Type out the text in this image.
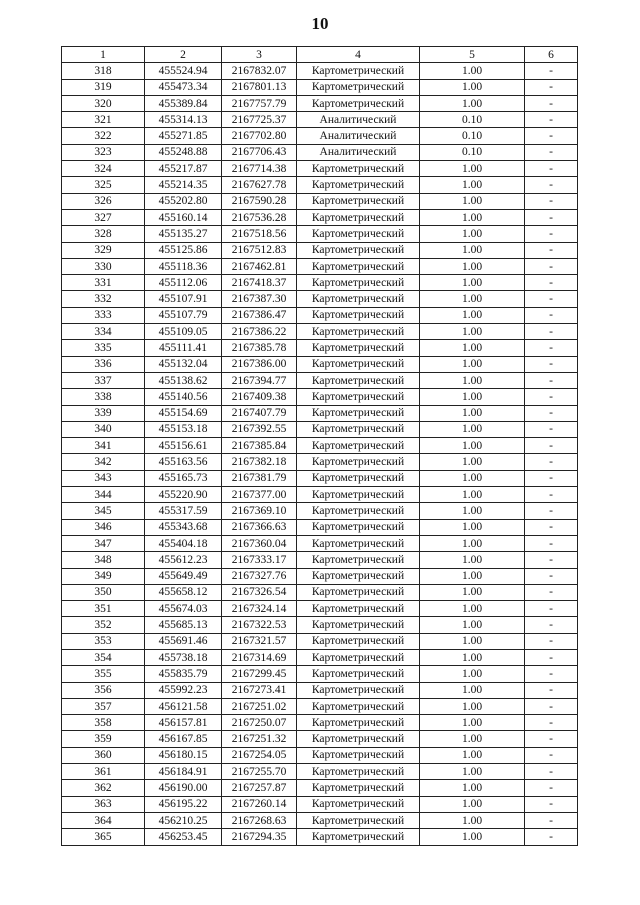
10
1	2	3	4	5	6
318	455524.94	2167832.07	Картометрический	1.00	-
319	455473.34	2167801.13	Картометрический	1.00	-
320	455389.84	2167757.79	Картометрический	1.00	-
321	455314.13	2167725.37	Аналитический	0.10	-
322	455271.85	2167702.80	Аналитический	0.10	-
323	455248.88	2167706.43	Аналитический	0.10	-
324	455217.87	2167714.38	Картометрический	1.00	-
325	455214.35	2167627.78	Картометрический	1.00	-
326	455202.80	2167590.28	Картометрический	1.00	-
327	455160.14	2167536.28	Картометрический	1.00	-
328	455135.27	2167518.56	Картометрический	1.00	-
329	455125.86	2167512.83	Картометрический	1.00	-
330	455118.36	2167462.81	Картометрический	1.00	-
331	455112.06	2167418.37	Картометрический	1.00	-
332	455107.91	2167387.30	Картометрический	1.00	-
333	455107.79	2167386.47	Картометрический	1.00	-
334	455109.05	2167386.22	Картометрический	1.00	-
335	455111.41	2167385.78	Картометрический	1.00	-
336	455132.04	2167386.00	Картометрический	1.00	-
337	455138.62	2167394.77	Картометрический	1.00	-
338	455140.56	2167409.38	Картометрический	1.00	-
339	455154.69	2167407.79	Картометрический	1.00	-
340	455153.18	2167392.55	Картометрический	1.00	-
341	455156.61	2167385.84	Картометрический	1.00	-
342	455163.56	2167382.18	Картометрический	1.00	-
343	455165.73	2167381.79	Картометрический	1.00	-
344	455220.90	2167377.00	Картометрический	1.00	-
345	455317.59	2167369.10	Картометрический	1.00	-
346	455343.68	2167366.63	Картометрический	1.00	-
347	455404.18	2167360.04	Картометрический	1.00	-
348	455612.23	2167333.17	Картометрический	1.00	-
349	455649.49	2167327.76	Картометрический	1.00	-
350	455658.12	2167326.54	Картометрический	1.00	-
351	455674.03	2167324.14	Картометрический	1.00	-
352	455685.13	2167322.53	Картометрический	1.00	-
353	455691.46	2167321.57	Картометрический	1.00	-
354	455738.18	2167314.69	Картометрический	1.00	-
355	455835.79	2167299.45	Картометрический	1.00	-
356	455992.23	2167273.41	Картометрический	1.00	-
357	456121.58	2167251.02	Картометрический	1.00	-
358	456157.81	2167250.07	Картометрический	1.00	-
359	456167.85	2167251.32	Картометрический	1.00	-
360	456180.15	2167254.05	Картометрический	1.00	-
361	456184.91	2167255.70	Картометрический	1.00	-
362	456190.00	2167257.87	Картометрический	1.00	-
363	456195.22	2167260.14	Картометрический	1.00	-
364	456210.25	2167268.63	Картометрический	1.00	-
365	456253.45	2167294.35	Картометрический	1.00	-
